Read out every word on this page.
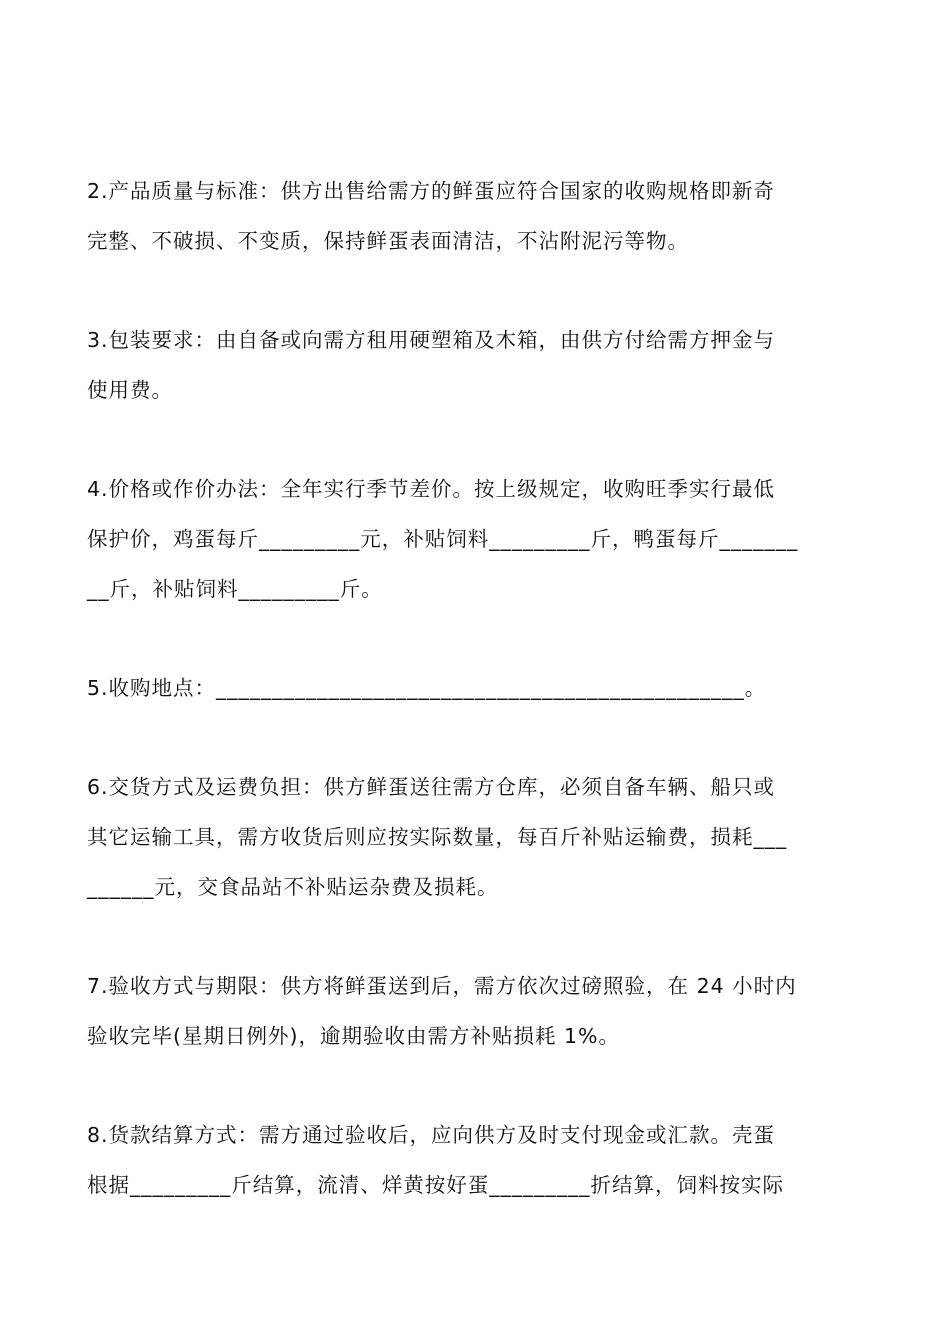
2.产品质量与标准：供方出售给需方的鲜蛋应符合国家的收购规格即新奇

完整、不破损、不变质，保持鲜蛋表面清洁，不沾附泥污等物。

3.包装要求：由自备或向需方租用硬塑箱及木箱，由供方付给需方押金与

使用费。

4.价格或作价办法：全年实行季节差价。按上级规定，收购旺季实行最低

保护价，鸡蛋每斤_________元，补贴饲料_________斤，鸭蛋每斤_______

__斤，补贴饲料_________斤。

5.收购地点：_______________________________________________。

6.交货方式及运费负担：供方鲜蛋送往需方仓库，必须自备车辆、船只或

其它运输工具，需方收货后则应按实际数量，每百斤补贴运输费，损耗___

______元，交食品站不补贴运杂费及损耗。

7.验收方式与期限：供方将鲜蛋送到后，需方依次过磅照验，在 24 小时内

验收完毕(星期日例外)，逾期验收由需方补贴损耗 1%。

8.货款结算方式：需方通过验收后，应向供方及时支付现金或汇款。壳蛋

根据_________斤结算，流清、烊黄按好蛋_________折结算，饲料按实际
